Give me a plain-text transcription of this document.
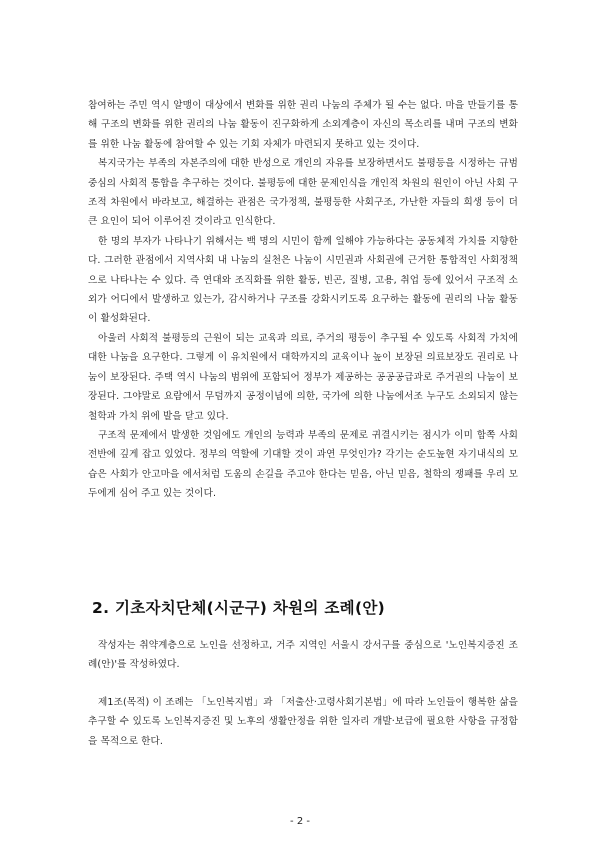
참여하는 주민 역시 알맹이 대상에서 변화를 위한 권리 나눔의 주체가 될 수는 없다. 마을 만들기를 통해 구조의 변화를 위한 권리의 나눔 활동이 진구화하게 소외계층이 자신의 목소리를 내며 구조의 변화를 위한 나눔 활동에 참여할 수 있는 기회 자체가 마련되지 못하고 있는 것이다.

복지국가는 부족의 자본주의에 대한 반성으로 개인의 자유를 보장하면서도 불평등을 시정하는 규범 중심의 사회적 통합을 추구하는 것이다. 불평등에 대한 문제인식을 개인적 차원의 원인이 아닌 사회 구조적 차원에서 바라보고, 해결하는 관점은 국가정책, 불평등한 사회구조, 가난한 자들의 희생 등이 더 큰 요인이 되어 이루어진 것이라고 인식한다.

한 명의 부자가 나타나기 위해서는 백 명의 시민이 함께 일해야 가능하다는 공동체적 가치를 지향한다. 그러한 관점에서 지역사회 내 나눔의 실천은 나눔이 시민권과 사회권에 근거한 통합적인 사회정책으로 나타나는 수 있다. 즉 연대와 조직화를 위한 활동, 빈곤, 질병, 고용, 취업 등에 있어서 구조적 소외가 어디에서 발생하고 있는가, 감시하거나 구조를 강화시키도록 요구하는 활동에 권리의 나눔 활동이 활성화된다.

아울러 사회적 불평등의 근원이 되는 교육과 의료, 주거의 평등이 추구될 수 있도록 사회적 가치에 대한 나눔을 요구한다. 그렇게 이 유치원에서 대학까지의 교육이나 높이 보장된 의료보장도 권리로 나눔이 보장된다. 주택 역시 나눔의 범위에 포함되어 정부가 제공하는 공공공급과로 주거권의 나눔이 보장된다. 그야말로 요람에서 무덤까지 공정이념에 의한, 국가에 의한 나눔에서조 누구도 소외되지 않는 철학과 가치 위에 발을 닫고 있다.

구조적 문제에서 발생한 것임에도 개인의 능력과 부족의 문제로 귀결시키는 점시가 이미 합쪽 사회 전반에 깊게 잡고 있었다. 정부의 역할에 기대할 것이 과연 무엇인가? 각기는 순도높현 자기내식의 모습은 사회가 안고마을 에서처럼 도움의 손길을 주고야 한다는 믿음, 아닌 믿음, 철학의 쟁패를 우리 모두에게 심어 주고 있는 것이다.

2. 기초자치단체(시군구) 차원의 조례(안)

작성자는 취약계층으로 노인을 선정하고, 거주 지역인 서울시 강서구를 중심으로 '노인복지증진 조례(안)'를 작성하였다.

제1조(목적) 이 조례는 「노인복지법」과 「저출산·고령사회기본법」에 따라 노인들이 행복한 삶을 추구할 수 있도록 노인복지증진 및 노후의 생활안정을 위한 일자리 개발·보급에 필요한 사항을 규정함을 목적으로 한다.

- 2 -
